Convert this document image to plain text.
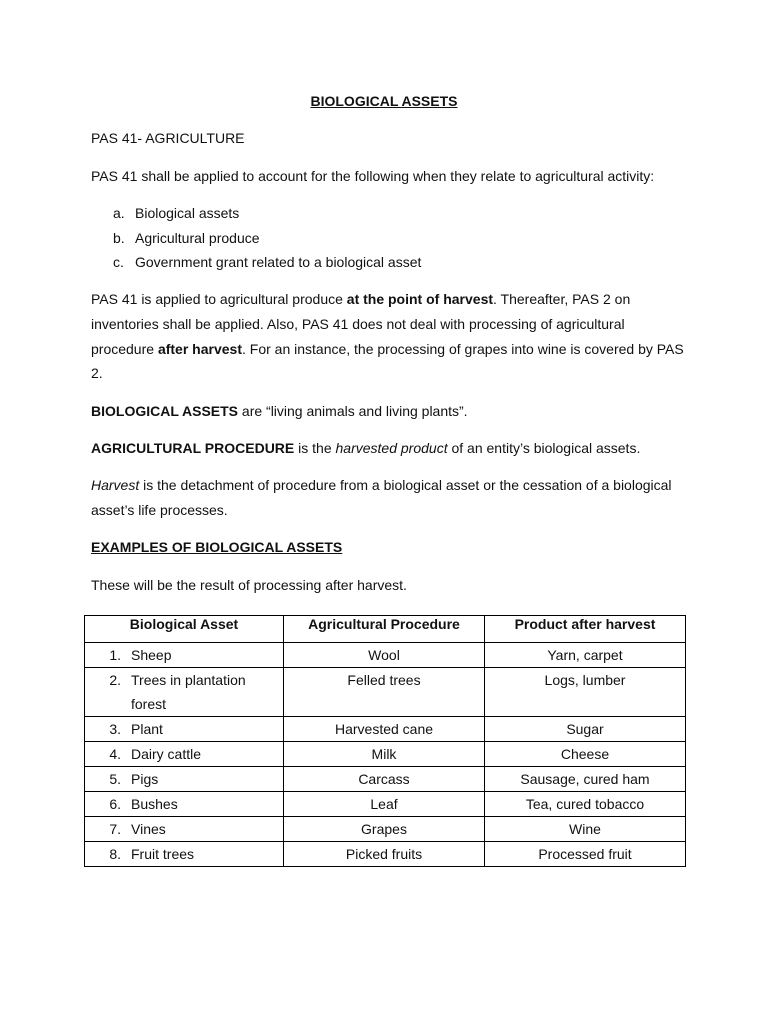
BIOLOGICAL ASSETS
PAS 41- AGRICULTURE
PAS 41 shall be applied to account for the following when they relate to agricultural activity:
a. Biological assets
b. Agricultural produce
c. Government grant related to a biological asset
PAS 41 is applied to agricultural produce at the point of harvest. Thereafter, PAS 2 on
inventories shall be applied. Also, PAS 41 does not deal with processing of agricultural
procedure after harvest. For an instance, the processing of grapes into wine is covered by PAS
2.
BIOLOGICAL ASSETS are “living animals and living plants”.
AGRICULTURAL PROCEDURE is the harvested product of an entity’s biological assets.
Harvest is the detachment of procedure from a biological asset or the cessation of a biological
asset’s life processes.
EXAMPLES OF BIOLOGICAL ASSETS
These will be the result of processing after harvest.
Biological Asset	Agricultural Procedure	Product after harvest
1. Sheep	Wool	Yarn, carpet
2. Trees in plantation forest	Felled trees	Logs, lumber
3. Plant	Harvested cane	Sugar
4. Dairy cattle	Milk	Cheese
5. Pigs	Carcass	Sausage, cured ham
6. Bushes	Leaf	Tea, cured tobacco
7. Vines	Grapes	Wine
8. Fruit trees	Picked fruits	Processed fruit
